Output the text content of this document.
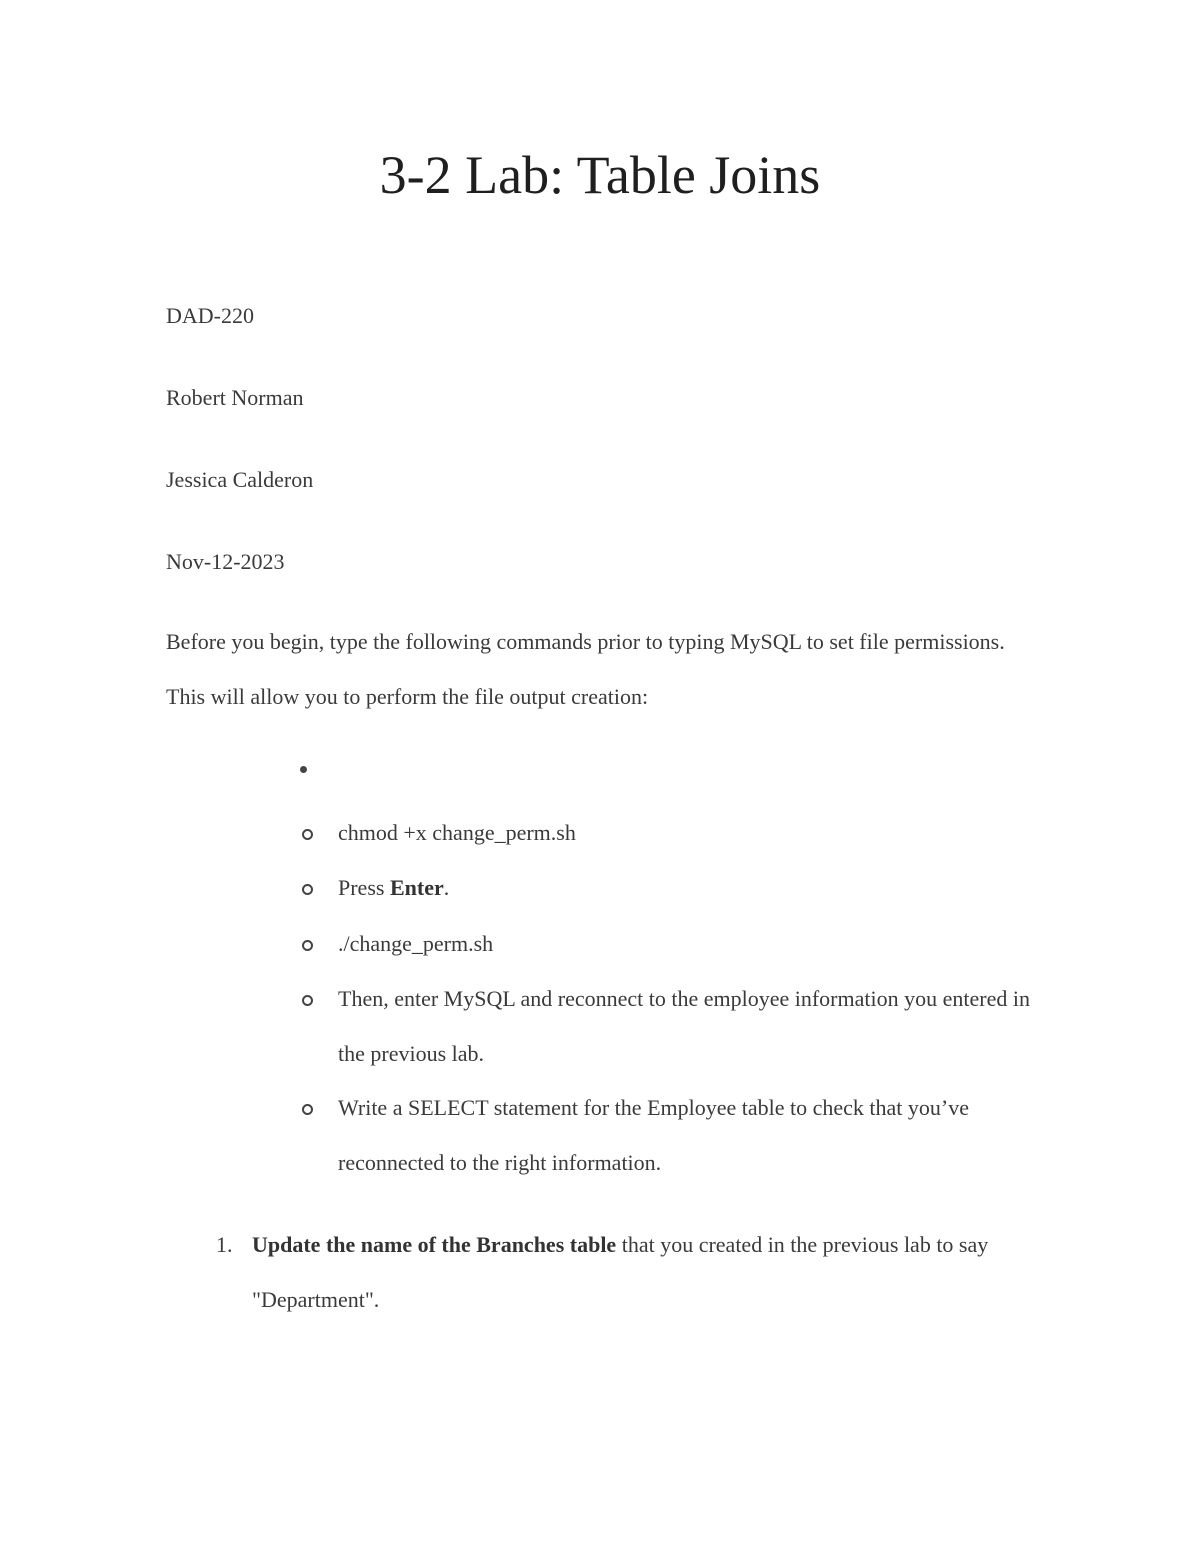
3-2 Lab: Table Joins

DAD-220

Robert Norman

Jessica Calderon

Nov-12-2023

Before you begin, type the following commands prior to typing MySQL to set file permissions. This will allow you to perform the file output creation:

chmod +x change_perm.sh
Press Enter.
./change_perm.sh
Then, enter MySQL and reconnect to the employee information you entered in the previous lab.
Write a SELECT statement for the Employee table to check that you’ve reconnected to the right information.
1. Update the name of the Branches table that you created in the previous lab to say "Department".
